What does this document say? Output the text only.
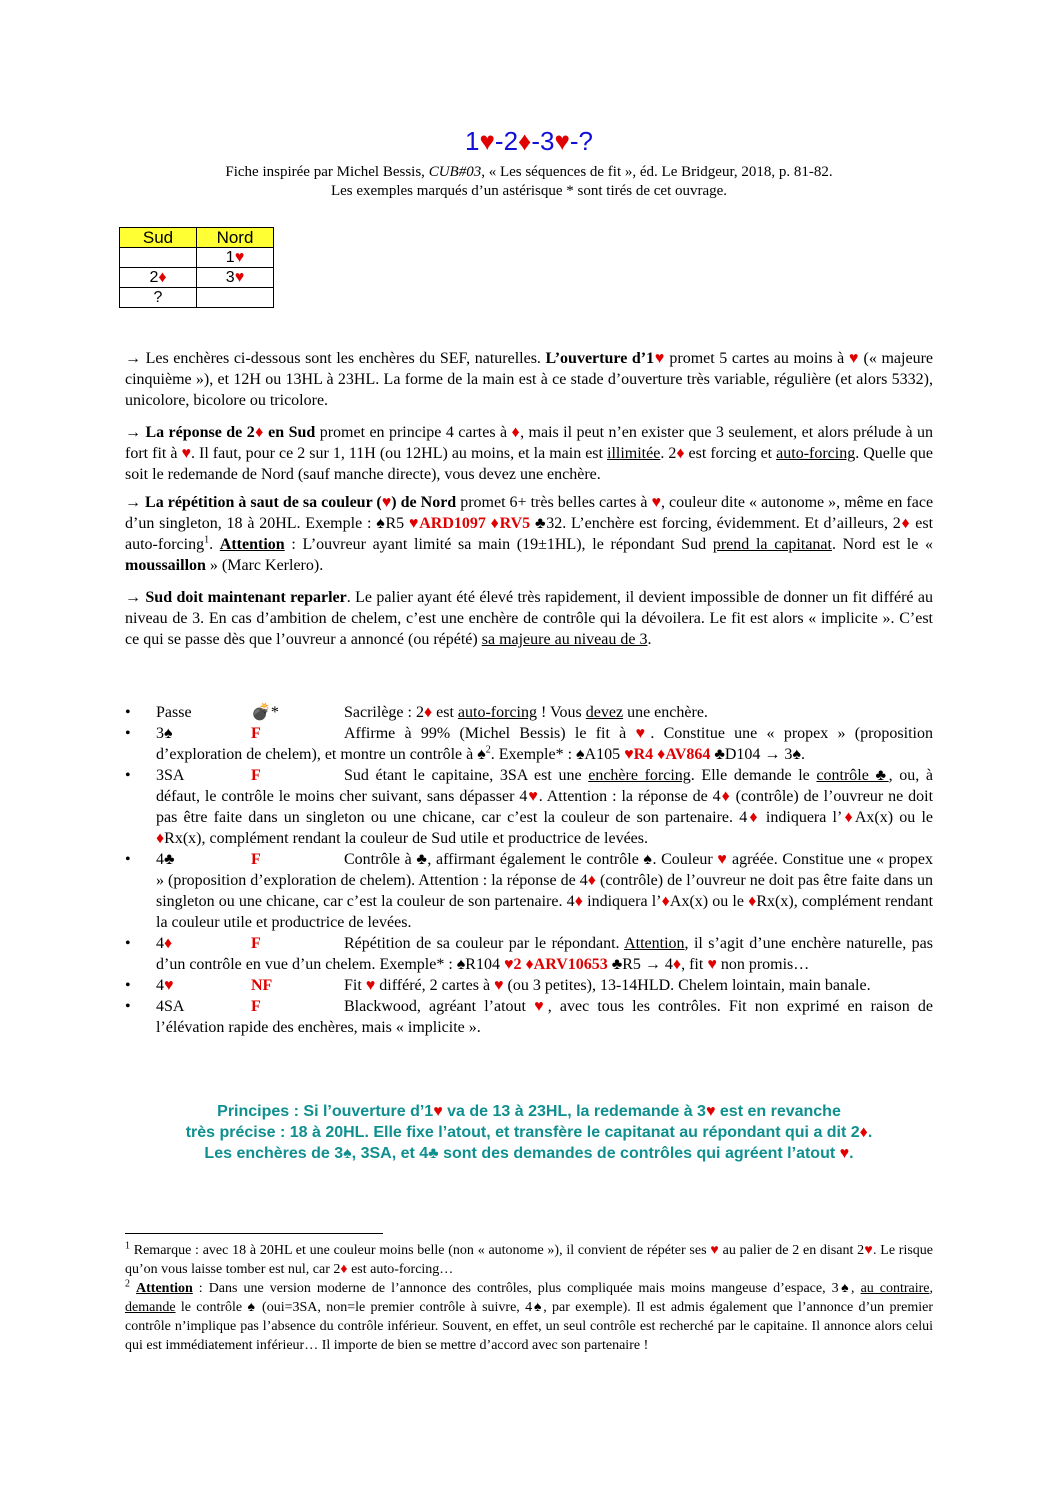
1♥-2♦-3♥-?
Fiche inspirée par Michel Bessis, CUB#03, « Les séquences de fit », éd. Le Bridgeur, 2018, p. 81-82.
Les exemples marqués d’un astérisque * sont tirés de cet ouvrage.
Sud	Nord
	1♥
2♦	3♥
?	
→ Les enchères ci-dessous sont les enchères du SEF, naturelles. L’ouverture d’1♥ promet 5 cartes au moins à ♥ (« majeure cinquième »), et 12H ou 13HL à 23HL. La forme de la main est à ce stade d’ouverture très variable, régulière (et alors 5332), unicolore, bicolore ou tricolore.
→ La réponse de 2♦ en Sud promet en principe 4 cartes à ♦, mais il peut n’en exister que 3 seulement, et alors prélude à un fort fit à ♥. Il faut, pour ce 2 sur 1, 11H (ou 12HL) au moins, et la main est illimitée. 2♦ est forcing et auto-forcing. Quelle que soit le redemande de Nord (sauf manche directe), vous devez une enchère.
→ La répétition à saut de sa couleur (♥) de Nord promet 6+ très belles cartes à ♥, couleur dite « autonome », même en face d’un singleton, 18 à 20HL. Exemple : ♠R5 ♥ARD1097 ♦RV5 ♣32. L’enchère est forcing, évidemment. Et d’ailleurs, 2♦ est auto-forcing$^1$. Attention : L’ouvreur ayant limité sa main (19±1HL), le répondant Sud prend la capitanat. Nord est le « moussaillon » (Marc Kerlero).
→ Sud doit maintenant reparler. Le palier ayant été élevé très rapidement, il devient impossible de donner un fit différé au niveau de 3. En cas d’ambition de chelem, c’est une enchère de contrôle qui la dévoilera. Le fit est alors « implicite ». C’est ce qui se passe dès que l’ouvreur a annoncé (ou répété) sa majeure au niveau de 3.
• Passe	💣*	Sacrilège : 2♦ est auto-forcing ! Vous devez une enchère.
• 3♠	F	Affirme à 99% (Michel Bessis) le fit à ♥. Constitue une « propex » (proposition d’exploration de chelem), et montre un contrôle à ♠$^2$. Exemple* : ♠A105 ♥R4 ♦AV864 ♣D104 → 3♠.
• 3SA	F	Sud étant le capitaine, 3SA est une enchère forcing. Elle demande le contrôle ♣, ou, à défaut, le contrôle le moins cher suivant, sans dépasser 4♥. Attention : la réponse de 4♦ (contrôle) de l’ouvreur ne doit pas être faite dans un singleton ou une chicane, car c’est la couleur de son partenaire. 4♦ indiquera l’♦Ax(x) ou le ♦Rx(x), complément rendant la couleur de Sud utile et productrice de levées.
• 4♣	F	Contrôle à ♣, affirmant également le contrôle ♠. Couleur ♥ agréée. Constitue une « propex » (proposition d’exploration de chelem). Attention : la réponse de 4♦ (contrôle) de l’ouvreur ne doit pas être faite dans un singleton ou une chicane, car c’est la couleur de son partenaire. 4♦ indiquera l’♦Ax(x) ou le ♦Rx(x), complément rendant la couleur utile et productrice de levées.
• 4♦	F	Répétition de sa couleur par le répondant. Attention, il s’agit d’une enchère naturelle, pas d’un contrôle en vue d’un chelem. Exemple* : ♠R104 ♥2 ♦ARV10653 ♣R5 → 4♦, fit ♥ non promis…
• 4♥	NF	Fit ♥ différé, 2 cartes à ♥ (ou 3 petites), 13-14HLD. Chelem lointain, main banale.
• 4SA	F	Blackwood, agréant l’atout ♥, avec tous les contrôles. Fit non exprimé en raison de l’élévation rapide des enchères, mais « implicite ».
Principes : Si l’ouverture d’1♥ va de 13 à 23HL, la redemande à 3♥ est en revanche
très précise : 18 à 20HL. Elle fixe l’atout, et transfère le capitanat au répondant qui a dit 2♦.
Les enchères de 3♠, 3SA, et 4♣ sont des demandes de contrôles qui agréent l’atout ♥.
$^1$ Remarque : avec 18 à 20HL et une couleur moins belle (non « autonome »), il convient de répéter ses ♥ au palier de 2 en disant 2♥. Le risque qu’on vous laisse tomber est nul, car 2♦ est auto-forcing…
$^2$ Attention : Dans une version moderne de l’annonce des contrôles, plus compliquée mais moins mangeuse d’espace, 3♠, au contraire, demande le contrôle ♠ (oui=3SA, non=le premier contrôle à suivre, 4♠, par exemple). Il est admis également que l’annonce d’un premier contrôle n’implique pas l’absence du contrôle inférieur. Souvent, en effet, un seul contrôle est recherché par le capitaine. Il annonce alors celui qui est immédiatement inférieur… Il importe de bien se mettre d’accord avec son partenaire !
